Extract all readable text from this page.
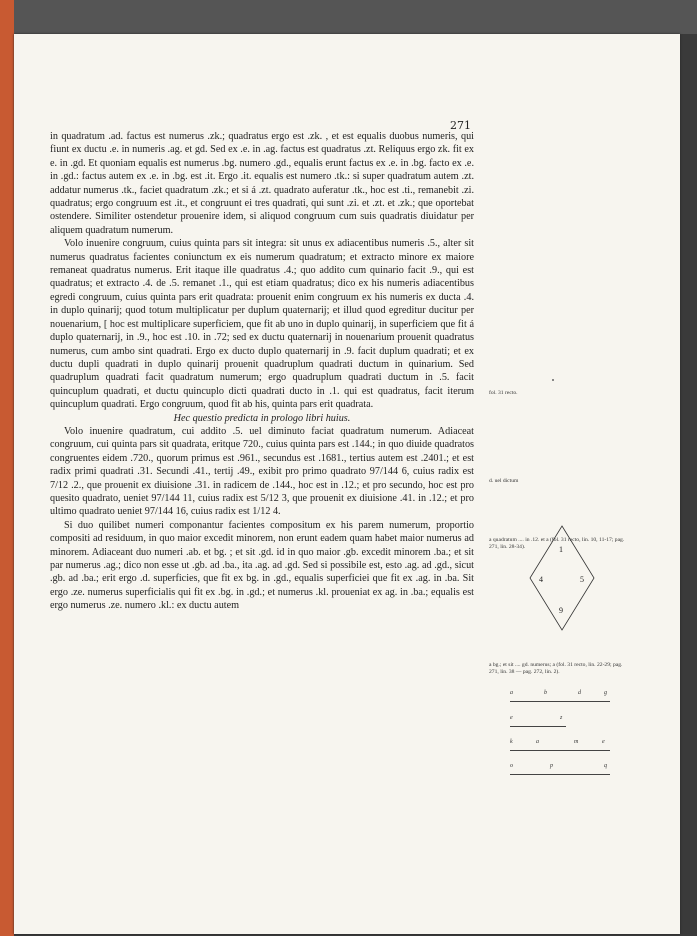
271

in quadratum .ad. factus est numerus .zk.; quadratus ergo est .zk. , et est equalis duobus numeris, qui fiunt ex ductu .e. in numeris .ag. et gd. Sed ex .e. in .ag. factus est quadratus .zt. Reliquus ergo zk. fit ex e. in .gd. Et quoniam equalis est numerus .bg. numero .gd., equalis erunt factus ex .e. in .bg. facto ex .e. in .gd.: factus autem ex .e. in .bg. est .it. Ergo .it. equalis est numero .tk.: si super quadratum autem .zt. addatur numerus .tk., faciet quadratum .zk.; et si á .zt. quadrato auferatur .tk., hoc est .ti., remanebit .zi. quadratus; ergo congruum est .it., et congruunt ei tres quadrati, qui sunt .zi. et .zt. et .zk.; que oportebat ostendere. Similiter ostendetur prouenire idem, si aliquod congruum cum suis quadratis diuidatur per aliquem quadratum numerum.

Volo inuenire congruum, cuius quinta pars sit integra: sit unus ex adiacentibus numeris .5., alter sit numerus quadratus facientes coniunctum ex eis numerum quadratum; et extracto minore ex maiore remaneat quadratus numerus. Erit itaque ille quadratus .4.; quo addito cum quinario facit .9., qui est quadratus; et extracto .4. de .5. remanet .1., qui est etiam quadratus; dico ex his numeris adiacentibus egredi congruum, cuius quinta pars erit quadrata: prouenit enim congruum ex his numeris ex ducta .4. in duplo quinarij; quod totum multiplicatur per duplum quaternarij; et illud quod egreditur ducitur per nouenarium, [ hoc est multiplicare superficiem, que fit ab uno in duplo quinarij, in superficiem que fit á duplo quaternarij, in .9., hoc est .10. in .72; sed ex ductu quaternarij in nouenarium prouenit quadratus numerus, cum ambo sint quadrati. Ergo ex ducto duplo quaternarij in .9. facit duplum quadrati; et ex ductu dupli quadrati in duplo quinarij prouenit quadruplum quadrati ductum in quinarium. Sed quadruplum quadrati facit quadratum numerum; ergo quadruplum quadrati ductum in .5. facit quincuplum quadrati, et ductu quincuplo dicti quadrati ducto in .1. qui est quadratus, facit iterum quincuplum quadrati. Ergo congruum, quod fit ab his, quinta pars erit quadrata.

Hec questio predicta in prologo libri huius.

Volo inuenire quadratum, cui addito .5. uel diminuto faciat quadratum numerum. Adiaceat congruum, cui quinta pars sit quadrata, eritque 720., cuius quinta pars est .144.; in quo diuide quadratos congruentes eidem .720., quorum primus est .961., secundus est .1681., tertius autem est .2401.; et est radix primi quadrati .31. Secundi .41., tertij .49., exibit pro primo quadrato 97/144 6, cuius radix est 7/12 .2., que prouenit ex diuisione .31. in radicem de .144., hoc est in .12.; et pro secundo, hoc est pro quesito quadrato, ueniet 97/144 11, cuius radix est 5/12 3, que prouenit ex diuisione .41. in .12.; et pro ultimo quadrato ueniet 97/144 16, cuius radix est 1/12 4.

Si duo quilibet numeri componantur facientes compositum ex his parem numerum, proportio compositi ad residuum, in quo maior excedit minorem, non erunt eadem quam habet maior numerus ad minorem. Adiaceant duo numeri .ab. et bg. ; et sit .gd. id in quo maior .gb. excedit minorem .ba.; et sit par numerus .ag.; dico non esse ut .gb. ad .ba., ita .ag. ad .gd. Sed si possibile est, esto .ag. ad .gd., sicut .gb. ad .ba.; erit ergo .d. superficies, que fit ex bg. in .gd., equalis superficiei que fit ex .ag. in .ba. Sit ergo .ze. numerus superficialis qui fit ex .bg. in .gd.; et numerus .kl. proueniat ex ag. in .ba.; equalis est ergo numerus .ze. numero .kl.: ex ductu autem

fol. 31 recto.
d. uel dictum
a quadratum .... in .12. et a (fol. 31 recto, lin. 10, 11-17; pag. 271, lin. 28-34).	1
4	5
9
a bg.; et sit .... gd. numerus; a (fol. 31 recto, lin. 22-29; pag. 271, lin. 38 — pag. 272, lin. 2).
a	b	d	g
e	z
k	a	m	e
o	p	q
